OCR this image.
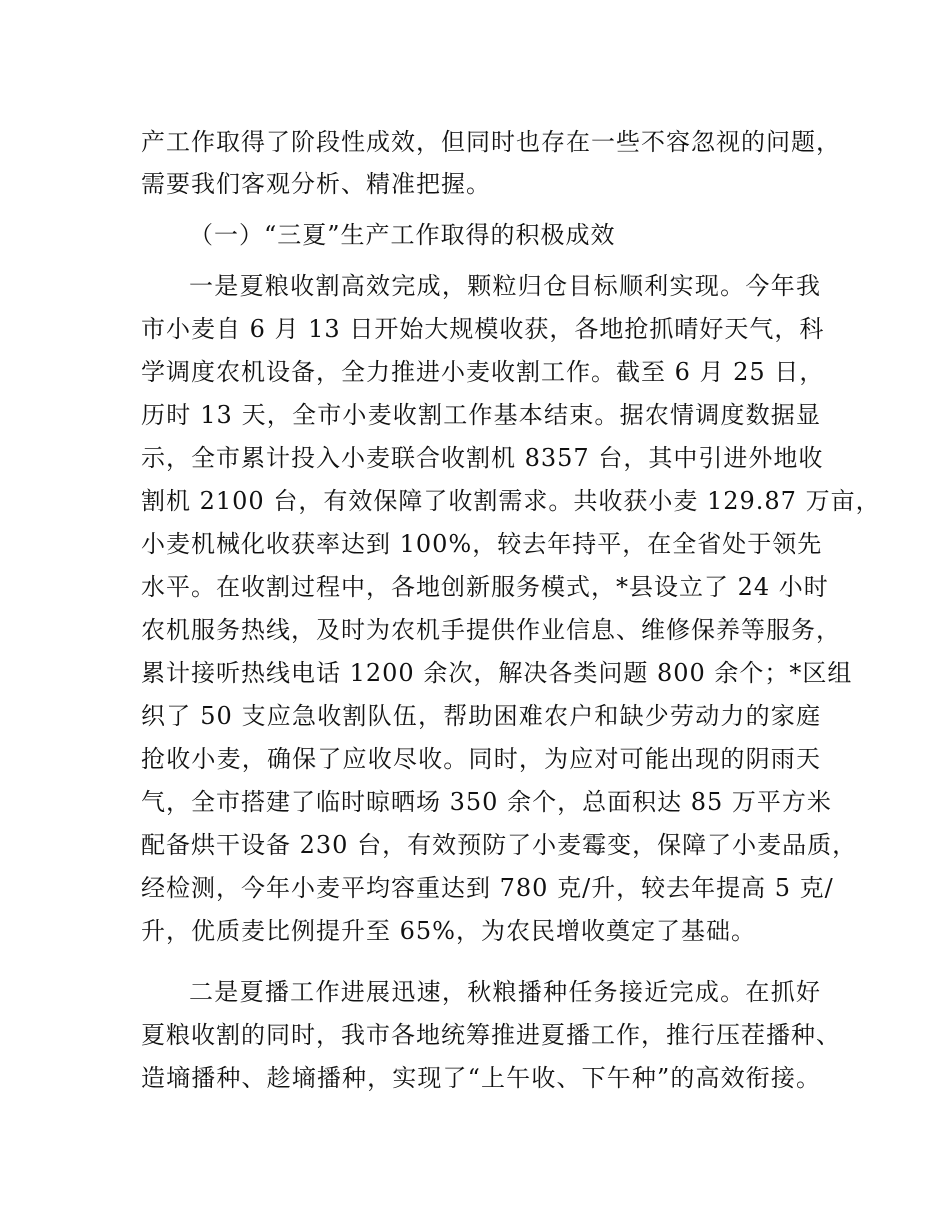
产工作取得了阶段性成效，但同时也存在一些不容忽视的问题，
需要我们客观分析、精准把握。
（一）“三夏”生产工作取得的积极成效
一是夏粮收割高效完成，颗粒归仓目标顺利实现。今年我
市小麦自 6 月 13 日开始大规模收获，各地抢抓晴好天气，科
学调度农机设备，全力推进小麦收割工作。截至 6 月 25 日，
历时 13 天，全市小麦收割工作基本结束。据农情调度数据显
示，全市累计投入小麦联合收割机 8357 台，其中引进外地收
割机 2100 台，有效保障了收割需求。共收获小麦 129.87 万亩，
小麦机械化收获率达到 100%，较去年持平，在全省处于领先
水平。在收割过程中，各地创新服务模式，*县设立了 24 小时
农机服务热线，及时为农机手提供作业信息、维修保养等服务，
累计接听热线电话 1200 余次，解决各类问题 800 余个；*区组
织了 50 支应急收割队伍，帮助困难农户和缺少劳动力的家庭
抢收小麦，确保了应收尽收。同时，为应对可能出现的阴雨天
气，全市搭建了临时晾晒场 350 余个，总面积达 85 万平方米
配备烘干设备 230 台，有效预防了小麦霉变，保障了小麦品质，
经检测，今年小麦平均容重达到 780 克/升，较去年提高 5 克/
升，优质麦比例提升至 65%，为农民增收奠定了基础。
二是夏播工作进展迅速，秋粮播种任务接近完成。在抓好
夏粮收割的同时，我市各地统筹推进夏播工作，推行压茬播种、
造墒播种、趁墒播种，实现了“上午收、下午种”的高效衔接。
